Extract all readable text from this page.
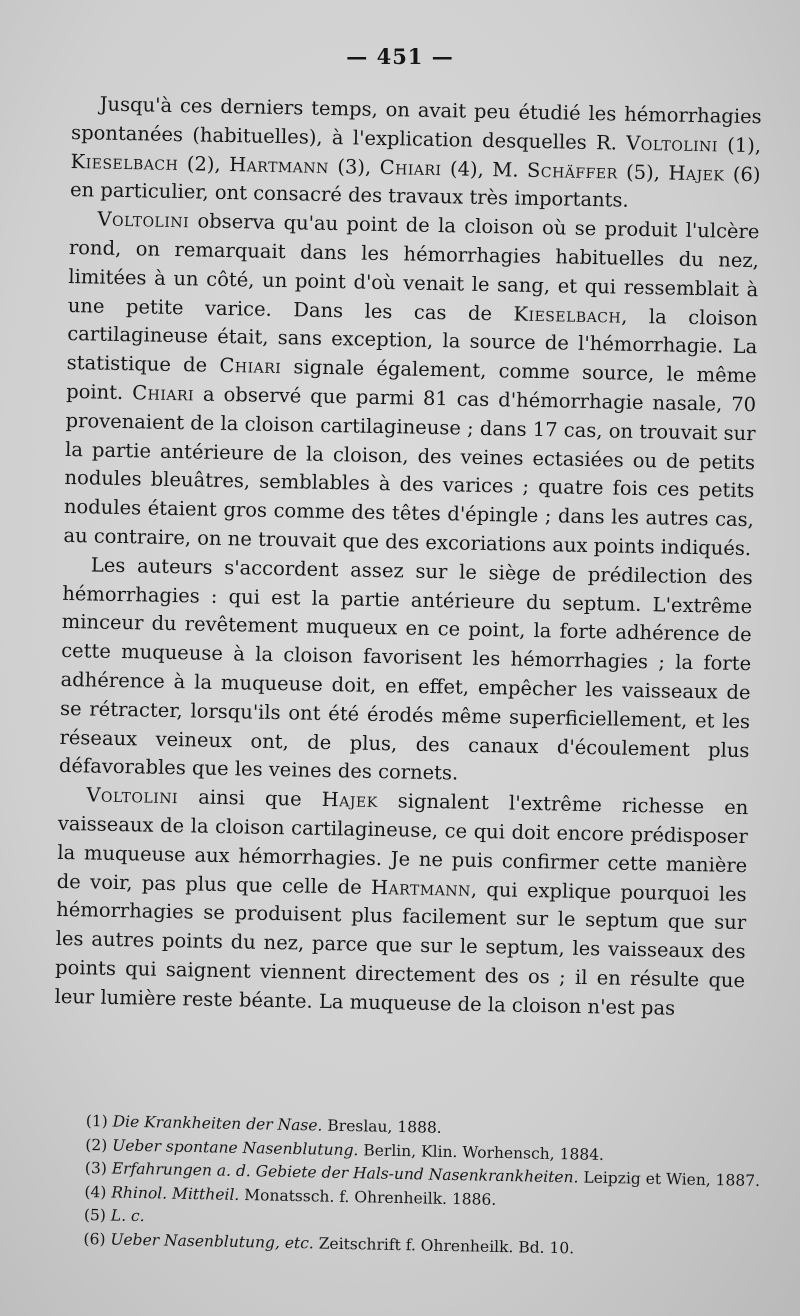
— 451 —

Jusqu'à ces derniers temps, on avait peu étudié les hémorrhagies spontanées (habituelles), à l'explication desquelles R. Voltolini (1), Kieselbach (2), Hartmann (3), Chiari (4), M. Schäffer (5), Hajek (6) en particulier, ont consacré des travaux très importants.

Voltolini observa qu'au point de la cloison où se produit l'ulcère rond, on remarquait dans les hémorrhagies habituelles du nez, limitées à un côté, un point d'où venait le sang, et qui ressemblait à une petite varice. Dans les cas de Kieselbach, la cloison cartilagineuse était, sans exception, la source de l'hémorrhagie. La statistique de Chiari signale également, comme source, le même point. Chiari a observé que parmi 81 cas d'hémorrhagie nasale, 70 provenaient de la cloison cartilagineuse ; dans 17 cas, on trouvait sur la partie antérieure de la cloison, des veines ectasiées ou de petits nodules bleuâtres, semblables à des varices ; quatre fois ces petits nodules étaient gros comme des têtes d'épingle ; dans les autres cas, au contraire, on ne trouvait que des excoriations aux points indiqués.

Les auteurs s'accordent assez sur le siège de prédilection des hémorrhagies : qui est la partie antérieure du septum. L'extrême minceur du revêtement muqueux en ce point, la forte adhérence de cette muqueuse à la cloison favorisent les hémorrhagies ; la forte adhérence à la muqueuse doit, en effet, empêcher les vaisseaux de se rétracter, lorsqu'ils ont été érodés même superficiellement, et les réseaux veineux ont, de plus, des canaux d'écoulement plus défavorables que les veines des cornets.

Voltolini ainsi que Hajek signalent l'extrême richesse en vaisseaux de la cloison cartilagineuse, ce qui doit encore prédisposer la muqueuse aux hémorrhagies. Je ne puis confirmer cette manière de voir, pas plus que celle de Hartmann, qui explique pourquoi les hémorrhagies se produisent plus facilement sur le septum que sur les autres points du nez, parce que sur le septum, les vaisseaux des points qui saignent viennent directement des os ; il en résulte que leur lumière reste béante. La muqueuse de la cloison n'est pas

(1) Die Krankheiten der Nase. Breslau, 1888.

(2) Ueber spontane Nasenblutung. Berlin, Klin. Worhensch, 1884.

(3) Erfahrungen a. d. Gebiete der Hals-und Nasenkrankheiten. Leipzig et Wien, 1887.

(4) Rhinol. Mittheil. Monatssch. f. Ohrenheilk. 1886.

(5) L. c.

(6) Ueber Nasenblutung, etc. Zeitschrift f. Ohrenheilk. Bd. 10.
